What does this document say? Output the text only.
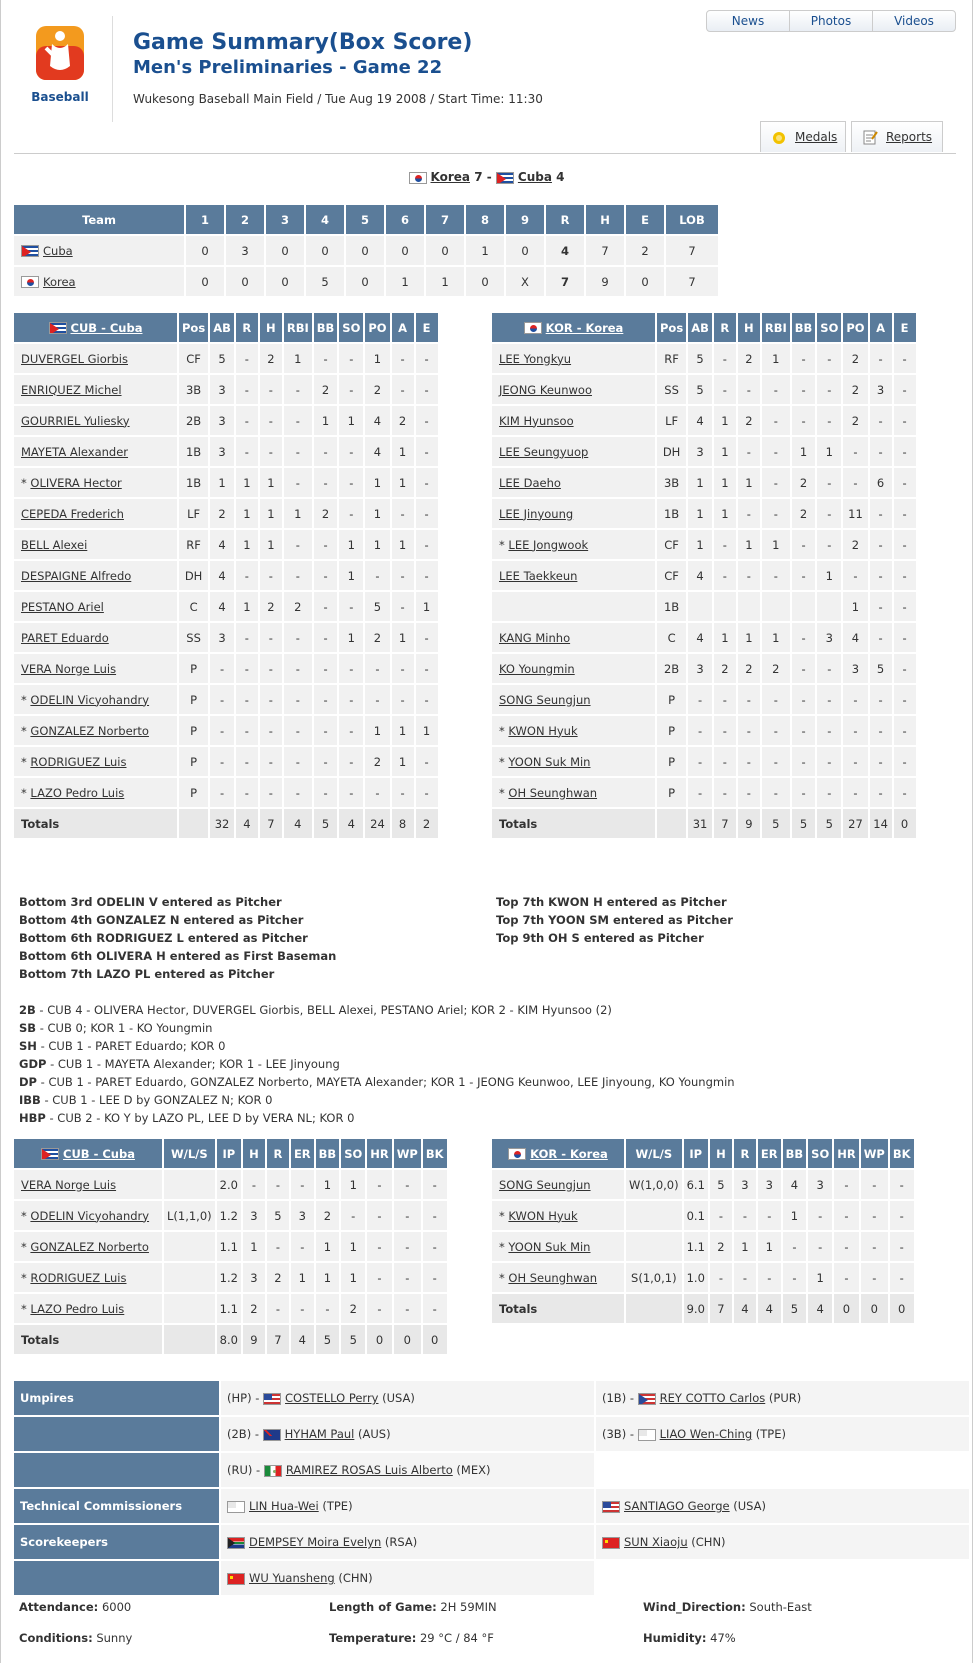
Baseball
Game Summary(Box Score)
Men's Preliminaries - Game 22
Wukesong Baseball Main Field / Tue Aug 19 2008 / Start Time: 11:30
News	Photos	Videos
Medals	Reports
Korea 7 - Cuba 4
Team	1	2	3	4	5	6	7	8	9	R	H	E	LOB
Cuba	0	3	0	0	0	0	0	1	0	4	7	2	7
Korea	0	0	0	5	0	1	1	0	X	7	9	0	7
CUB - Cuba	Pos	AB	R	H	RBI	BB	SO	PO	A	E
DUVERGEL Giorbis	CF	5	-	2	1	-	-	1	-	-
ENRIQUEZ Michel	3B	3	-	-	-	2	-	2	-	-
GOURRIEL Yuliesky	2B	3	-	-	-	1	1	4	2	-
MAYETA Alexander	1B	3	-	-	-	-	-	4	1	-
* OLIVERA Hector	1B	1	1	1	-	-	-	1	1	-
CEPEDA Frederich	LF	2	1	1	1	2	-	1	-	-
BELL Alexei	RF	4	1	1	-	-	1	1	1	-
DESPAIGNE Alfredo	DH	4	-	-	-	-	1	-	-	-
PESTANO Ariel	C	4	1	2	2	-	-	5	-	1
PARET Eduardo	SS	3	-	-	-	-	1	2	1	-
VERA Norge Luis	P	-	-	-	-	-	-	-	-	-
* ODELIN Vicyohandry	P	-	-	-	-	-	-	-	-	-
* GONZALEZ Norberto	P	-	-	-	-	-	-	1	1	1
* RODRIGUEZ Luis	P	-	-	-	-	-	-	2	1	-
* LAZO Pedro Luis	P	-	-	-	-	-	-	-	-	-
Totals		32	4	7	4	5	4	24	8	2
KOR - Korea	Pos	AB	R	H	RBI	BB	SO	PO	A	E
LEE Yongkyu	RF	5	-	2	1	-	-	2	-	-
JEONG Keunwoo	SS	5	-	-	-	-	-	2	3	-
KIM Hyunsoo	LF	4	1	2	-	-	-	2	-	-
LEE Seungyuop	DH	3	1	-	-	1	1	-	-	-
LEE Daeho	3B	1	1	1	-	2	-	-	6	-
LEE Jinyoung	1B	1	1	-	-	2	-	11	-	-
* LEE Jongwook	CF	1	-	1	1	-	-	2	-	-
LEE Taekkeun	CF	4	-	-	-	-	1	-	-	-
	1B							1	-	-
KANG Minho	C	4	1	1	1	-	3	4	-	-
KO Youngmin	2B	3	2	2	2	-	-	3	5	-
SONG Seungjun	P	-	-	-	-	-	-	-	-	-
* KWON Hyuk	P	-	-	-	-	-	-	-	-	-
* YOON Suk Min	P	-	-	-	-	-	-	-	-	-
* OH Seunghwan	P	-	-	-	-	-	-	-	-	-
Totals		31	7	9	5	5	5	27	14	0
Bottom 3rd ODELIN V entered as Pitcher
Bottom 4th GONZALEZ N entered as Pitcher
Bottom 6th RODRIGUEZ L entered as Pitcher
Bottom 6th OLIVERA H entered as First Baseman
Bottom 7th LAZO PL entered as Pitcher
Top 7th KWON H entered as Pitcher
Top 7th YOON SM entered as Pitcher
Top 9th OH S entered as Pitcher
2B - CUB 4 - OLIVERA Hector, DUVERGEL Giorbis, BELL Alexei, PESTANO Ariel; KOR 2 - KIM Hyunsoo (2)
SB - CUB 0; KOR 1 - KO Youngmin
SH - CUB 1 - PARET Eduardo; KOR 0
GDP - CUB 1 - MAYETA Alexander; KOR 1 - LEE Jinyoung
DP - CUB 1 - PARET Eduardo, GONZALEZ Norberto, MAYETA Alexander; KOR 1 - JEONG Keunwoo, LEE Jinyoung, KO Youngmin
IBB - CUB 1 - LEE D by GONZALEZ N; KOR 0
HBP - CUB 2 - KO Y by LAZO PL, LEE D by VERA NL; KOR 0
CUB - Cuba	W/L/S	IP	H	R	ER	BB	SO	HR	WP	BK
VERA Norge Luis		2.0	-	-	-	1	1	-	-	-
* ODELIN Vicyohandry	L(1,1,0)	1.2	3	5	3	2	-	-	-	-
* GONZALEZ Norberto		1.1	1	-	-	1	1	-	-	-
* RODRIGUEZ Luis		1.2	3	2	1	1	1	-	-	-
* LAZO Pedro Luis		1.1	2	-	-	-	2	-	-	-
Totals		8.0	9	7	4	5	5	0	0	0
KOR - Korea	W/L/S	IP	H	R	ER	BB	SO	HR	WP	BK
SONG Seungjun	W(1,0,0)	6.1	5	3	3	4	3	-	-	-
* KWON Hyuk		0.1	-	-	-	1	-	-	-	-
* YOON Suk Min		1.1	2	1	1	-	-	-	-	-
* OH Seunghwan	S(1,0,1)	1.0	-	-	-	-	1	-	-	-
Totals		9.0	7	4	4	5	4	0	0	0
Umpires	(HP) - COSTELLO Perry (USA)	(1B) - REY COTTO Carlos (PUR)
	(2B) - HYHAM Paul (AUS)	(3B) - LIAO Wen-Ching (TPE)
	(RU) - RAMIREZ ROSAS Luis Alberto (MEX)	
Technical Commissioners	LIN Hua-Wei (TPE)	SANTIAGO George (USA)
Scorekeepers	DEMPSEY Moira Evelyn (RSA)	SUN Xiaoju (CHN)
	WU Yuansheng (CHN)	
Attendance: 6000	Length of Game: 2H 59MIN	Wind_Direction: South-East
Conditions: Sunny	Temperature: 29 °C / 84 °F	Humidity: 47%
